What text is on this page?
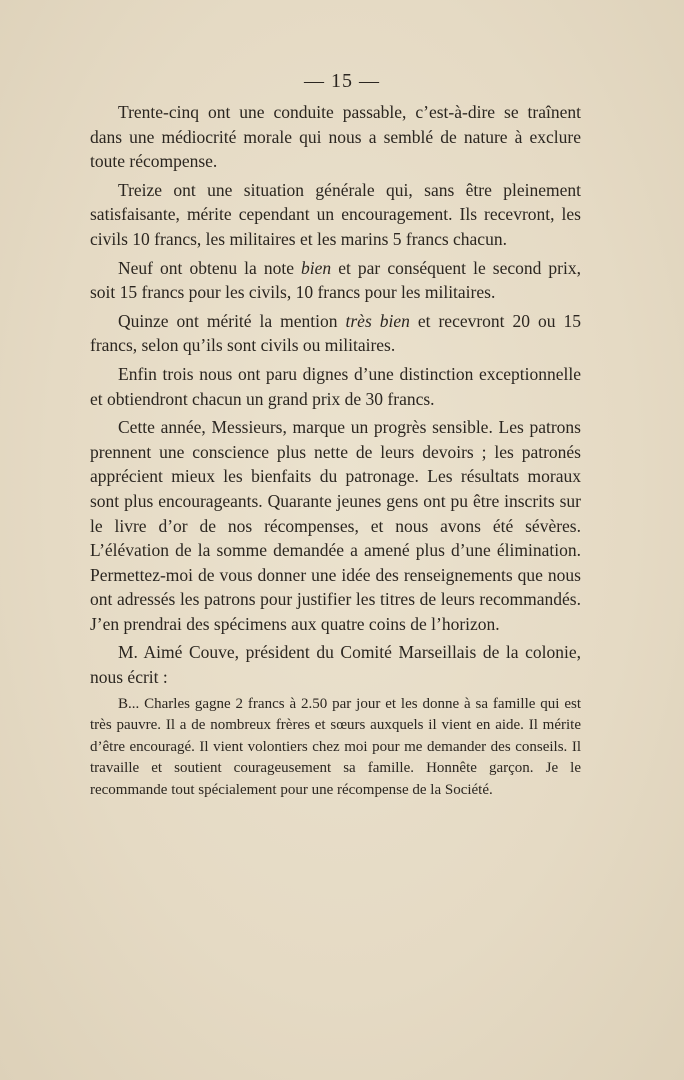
— 15 —

Trente-cinq ont une conduite passable, c’est-à-dire se traînent dans une médiocrité morale qui nous a semblé de nature à exclure toute récompense.

Treize ont une situation générale qui, sans être pleinement satisfaisante, mérite cependant un encouragement. Ils recevront, les civils 10 francs, les militaires et les marins 5 francs chacun.

Neuf ont obtenu la note bien et par conséquent le second prix, soit 15 francs pour les civils, 10 francs pour les militaires.

Quinze ont mérité la mention très bien et recevront 20 ou 15 francs, selon qu’ils sont civils ou militaires.

Enfin trois nous ont paru dignes d’une distinction exceptionnelle et obtiendront chacun un grand prix de 30 francs.

Cette année, Messieurs, marque un progrès sensible. Les patrons prennent une conscience plus nette de leurs devoirs ; les patronés apprécient mieux les bienfaits du patronage. Les résultats moraux sont plus encourageants. Quarante jeunes gens ont pu être inscrits sur le livre d’or de nos récompenses, et nous avons été sévères. L’élévation de la somme demandée a amené plus d’une élimination. Permettez-moi de vous donner une idée des renseignements que nous ont adressés les patrons pour justifier les titres de leurs recommandés. J’en prendrai des spécimens aux quatre coins de l’horizon.

M. Aimé Couve, président du Comité Marseillais de la colonie, nous écrit :

B... Charles gagne 2 francs à 2.50 par jour et les donne à sa famille qui est très pauvre. Il a de nombreux frères et sœurs auxquels il vient en aide. Il mérite d’être encouragé. Il vient volontiers chez moi pour me demander des conseils. Il travaille et soutient courageusement sa famille. Honnête garçon. Je le recommande tout spécialement pour une récompense de la Société.
